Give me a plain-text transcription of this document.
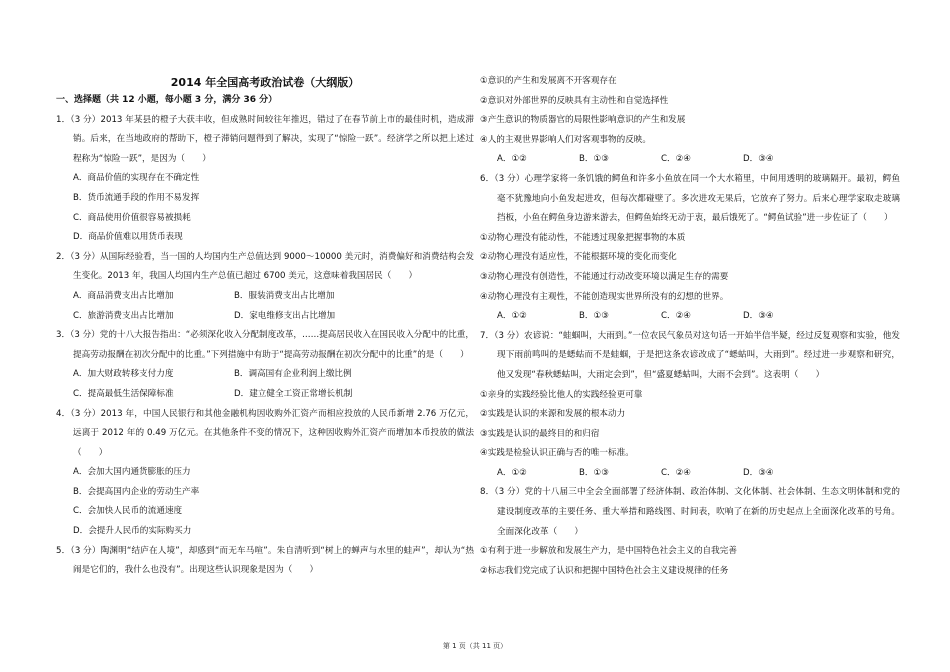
2014 年全国高考政治试卷（大纲版）
一、选择题（共 12 小题，每小题 3 分，满分 36 分）
1．（3 分）2013 年某县的橙子大获丰收，但成熟时间较往年推迟，错过了在春节前上市的最佳时机，造成滞销。后来，在当地政府的帮助下，橙子滞销问题得到了解决，实现了“惊险一跃”。经济学之所以把上述过程称为“惊险一跃”，是因为（　　）
A．商品价值的实现存在不确定性
B．货币流通手段的作用不易发挥
C．商品使用价值很容易被损耗
D．商品价值难以用货币表现
2．（3 分）从国际经验看，当一国的人均国内生产总值达到 9000～10000 美元时，消费偏好和消费结构会发生变化。2013 年，我国人均国内生产总值已超过 6700 美元，这意味着我国居民（　　）
A．商品消费支出占比增加	B．服装消费支出占比增加
C．旅游消费支出占比增加	D．家电维修支出占比增加
3．（3 分）党的十八大报告指出：“必须深化收入分配制度改革，……提高居民收入在国民收入分配中的比重，提高劳动报酬在初次分配中的比重。”下列措施中有助于“提高劳动报酬在初次分配中的比重”的是（　　）
A．加大财政转移支付力度	B．调高国有企业利润上缴比例
C．提高最低生活保障标准	D．建立健全工资正常增长机制
4．（3 分）2013 年，中国人民银行和其他金融机构因收购外汇资产而相应投放的人民币新增 2.76 万亿元，远离于 2012 年的 0.49 万亿元。在其他条件不变的情况下，这种因收购外汇资产而增加本币投放的做法（　　）
A．会加大国内通货膨胀的压力
B．会提高国内企业的劳动生产率
C．会加快人民币的流通速度
D．会提升人民币的实际购买力
5．（3 分）陶渊明“结庐在人境”，却感到“而无车马喧”。朱自清听到“树上的蝉声与水里的蛙声”，却认为“热闹是它们的，我什么也没有”。出现这些认识现象是因为（　　）
①意识的产生和发展离不开客观存在
②意识对外部世界的反映具有主动性和自觉选择性
③产生意识的物质器官的局限性影响意识的产生和发展
④人的主观世界影响人们对客观事物的反映。
A．①②	B．①③	C．②④	D．③④
6．（3 分）心理学家将一条饥饿的鳄鱼和许多小鱼放在同一个大水箱里，中间用透明的玻璃隔开。最初，鳄鱼毫不犹豫地向小鱼发起进攻，但每次都碰壁了。多次进攻无果后，它放弃了努力。后来心理学家取走玻璃挡板，小鱼在鳄鱼身边游来游去，但鳄鱼始终无动于衷，最后饿死了。“鳄鱼试验”进一步佐证了（　　）
①动物心理没有能动性，不能透过现象把握事物的本质
②动物心理没有适应性，不能根据环境的变化而变化
③动物心理没有创造性，不能通过行动改变环境以满足生存的需要
④动物心理没有主观性，不能创造现实世界所没有的幻想的世界。
A．①②	B．①③	C．②④	D．③④
7．（3 分）农谚说：“蛙蝈叫，大雨到。”一位农民气象员对这句话一开始半信半疑，经过反复观察和实验，他发现下雨前鸣叫的是蟋蛄而不是蛙蝈，于是把这条农谚改成了“蟋蛄叫，大雨到”。经过进一步观察和研究，他又发现“春秋蟋蛄叫，大雨定会到”，但“盛夏蟋蛄叫，大雨不会到”。这表明（　　）
①亲身的实践经验比他人的实践经验更可靠
②实践是认识的来源和发展的根本动力
③实践是认识的最终目的和归宿
④实践是检验认识正确与否的唯一标准。
A．①②	B．①③	C．②④	D．③④
8．（3 分）党的十八届三中全会全面部署了经济体制、政治体制、文化体制、社会体制、生态文明体制和党的建设制度改革的主要任务、重大举措和路线图、时间表，吹响了在新的历史起点上全面深化改革的号角。全面深化改革（　　）
①有利于进一步解放和发展生产力，是中国特色社会主义的自我完善
②标志我们党完成了认识和把握中国特色社会主义建设规律的任务
第 1 页（共 11 页）
